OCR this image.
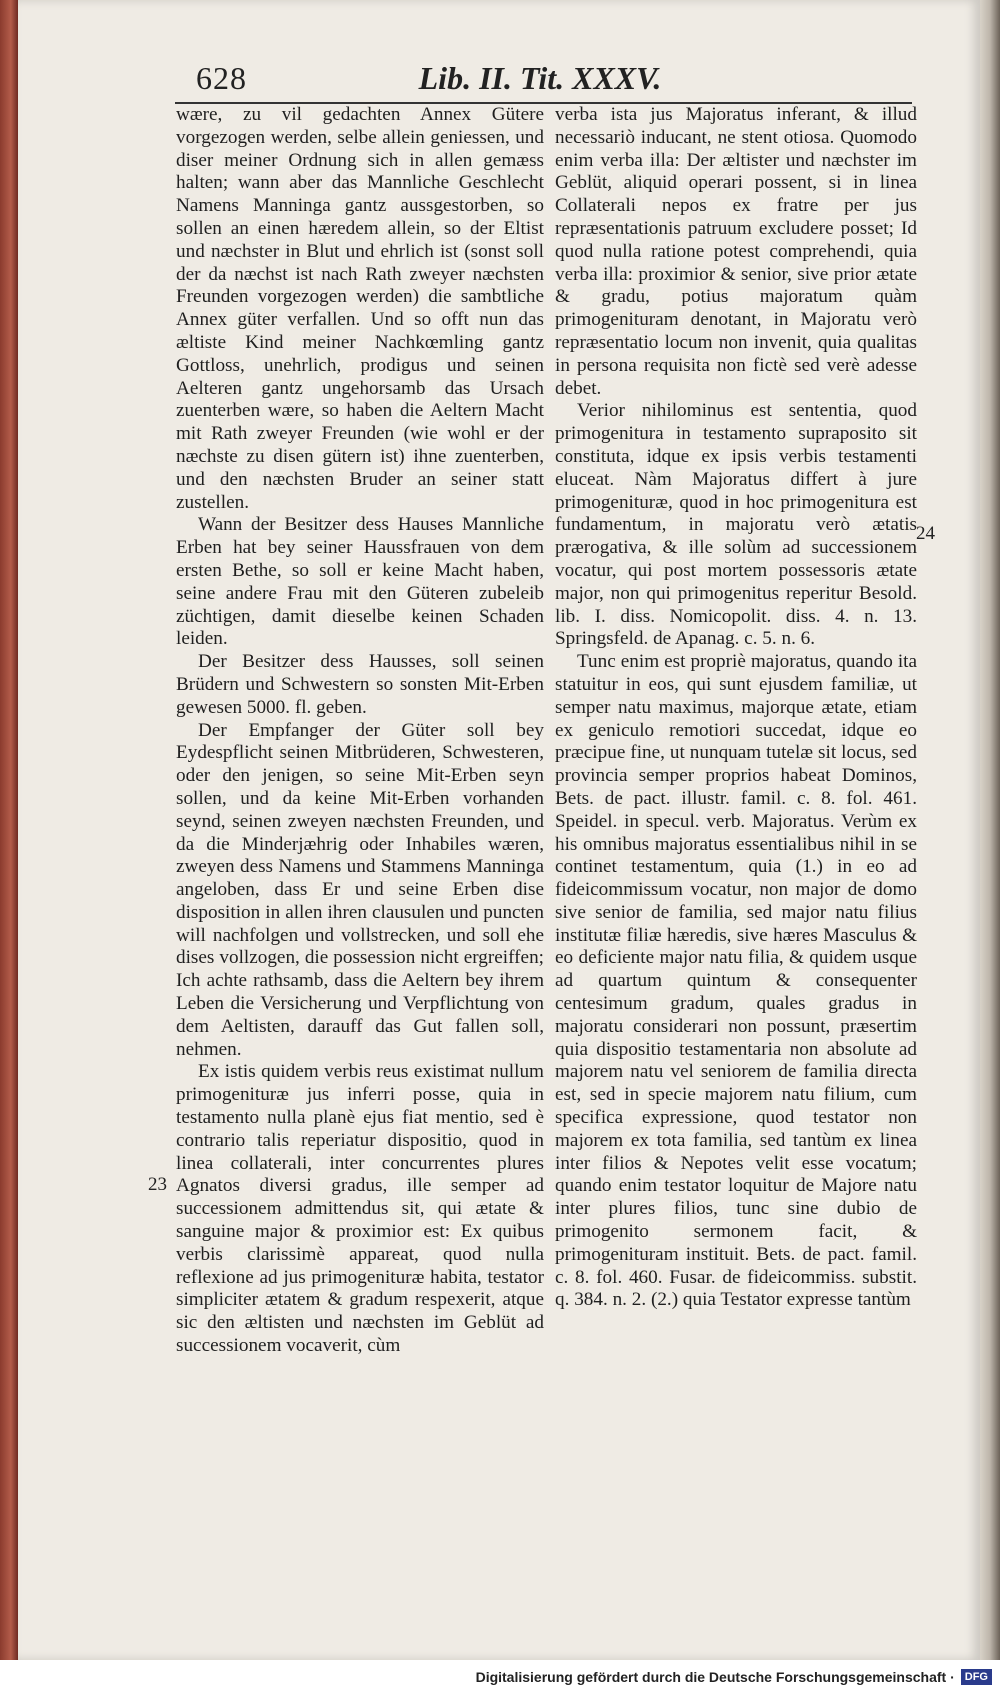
Lib. II. Tit. XXXV.
628

wære, zu vil gedachten Annex Gütere vorgezogen werden, selbe allein geniessen, und diser meiner Ordnung sich in allen gemæss halten; wann aber das Mannliche Geschlecht Namens Manninga gantz aussgestorben, so sollen an einen hæredem allein, so der Eltist und næchster in Blut und ehrlich ist (sonst soll der da næchst ist nach Rath zweyer næchsten Freunden vorgezogen werden) die sambtliche Annex güter verfallen. Und so offt nun das æltiste Kind meiner Nachkœmling gantz Gottloss, unehrlich, prodigus und seinen Aelteren gantz ungehorsamb das Ursach zuenterben wære, so haben die Aeltern Macht mit Rath zweyer Freunden (wie wohl er der næchste zu disen gütern ist) ihne zuenterben, und den næchsten Bruder an seiner statt zustellen.

Wann der Besitzer dess Hauses Mannliche Erben hat bey seiner Haussfrauen von dem ersten Bethe, so soll er keine Macht haben, seine andere Frau mit den Güteren zubeleib züchtigen, damit dieselbe keinen Schaden leiden.

Der Besitzer dess Hausses, soll seinen Brüdern und Schwestern so sonsten Mit-Erben gewesen 5000. fl. geben.

Der Empfanger der Güter soll bey Eydespflicht seinen Mitbrüderen, Schwesteren, oder den jenigen, so seine Mit-Erben seyn sollen, und da keine Mit-Erben vorhanden seynd, seinen zweyen næchsten Freunden, und da die Minderjæhrig oder Inhabiles wæren, zweyen dess Namens und Stammens Manninga angeloben, dass Er und seine Erben dise disposition in allen ihren clausulen und puncten will nachfolgen und vollstrecken, und soll ehe dises vollzogen, die possession nicht ergreiffen; Ich achte rathsamb, dass die Aeltern bey ihrem Leben die Versicherung und Verpflichtung von dem Aeltisten, darauff das Gut fallen soll, nehmen.

Ex istis quidem verbis reus existimat nullum primogenituræ jus inferri posse, quia in testamento nulla planè ejus fiat mentio, sed è contrario talis reperiatur dispositio, quod in linea collaterali, inter concurrentes plures Agnatos diversi gradus, ille semper ad successionem admittendus sit, qui ætate & sanguine major & proximior est: Ex quibus verbis clarissimè appareat, quod nulla reflexione ad jus primogenituræ habita, testator simpliciter ætatem & gradum respexerit, atque sic den æltisten und næchsten im Geblüt ad successionem vocaverit, cùm

verba ista jus Majoratus inferant, & illud necessariò inducant, ne stent otiosa. Quomodo enim verba illa: Der æltister und næchster im Geblüt, aliquid operari possent, si in linea Collaterali nepos ex fratre per jus repræsentationis patruum excludere posset; Id quod nulla ratione potest comprehendi, quia verba illa: proximior & senior, sive prior ætate & gradu, potius majoratum quàm primogenituram denotant, in Majoratu verò repræsentatio locum non invenit, quia qualitas in persona requisita non fictè sed verè adesse debet.

Verior nihilominus est sententia, quod primogenitura in testamento suprapositо sit constituta, idque ex ipsis verbis testamenti eluceat. Nàm Majoratus differt à jure primogenituræ, quod in hoc primogenitura est fundamentum, in majoratu verò ætatis prærogativa, & ille solùm ad successionem vocatur, qui post mortem possessoris ætate major, non qui primogenitus reperitur Besold. lib. I. diss. Nomicopolit. diss. 4. n. 13. Springsfeld. de Apanag. c. 5. n. 6.

Tunc enim est propriè majoratus, quando ita statuitur in eos, qui sunt ejusdem familiæ, ut semper natu maximus, majorque ætate, etiam ex geniculo remotiori succedat, idque eo præcipue fine, ut nunquam tutelæ sit locus, sed provincia semper proprios habeat Dominos, Bets. de pact. illustr. famil. c. 8. fol. 461. Speidel. in specul. verb. Majoratus. Verùm ex his omnibus majoratus essentialibus nihil in se continet testamentum, quia (1.) in eo ad fideicommissum vocatur, non major de domo sive senior de familia, sed major natu filius institutæ filiæ hæredis, sive hæres Masculus & eo deficiente major natu filia, & quidem usque ad quartum quintum & consequenter centesimum gradum, quales gradus in majoratu considerari non possunt, præsertim quia dispositio testamentaria non absolute ad majorem natu vel seniorem de familia directa est, sed in specie majorem natu filium, cum specifica expressione, quod testator non majorem ex tota familia, sed tantùm ex linea inter filios & Nepotes velit esse vocatum; quando enim testator loquitur de Majore natu inter plures filios, tunc sine dubio de primogenito sermonem facit, & primogenituram instituit. Bets. de pact. famil. c. 8. fol. 460. Fusar. de fideicommiss. substit. q. 384. n. 2. (2.) quia Testator expresse tantùm

24
23
Digitalisierung gefördert durch die Deutsche Forschungsgemeinschaft · DFG
